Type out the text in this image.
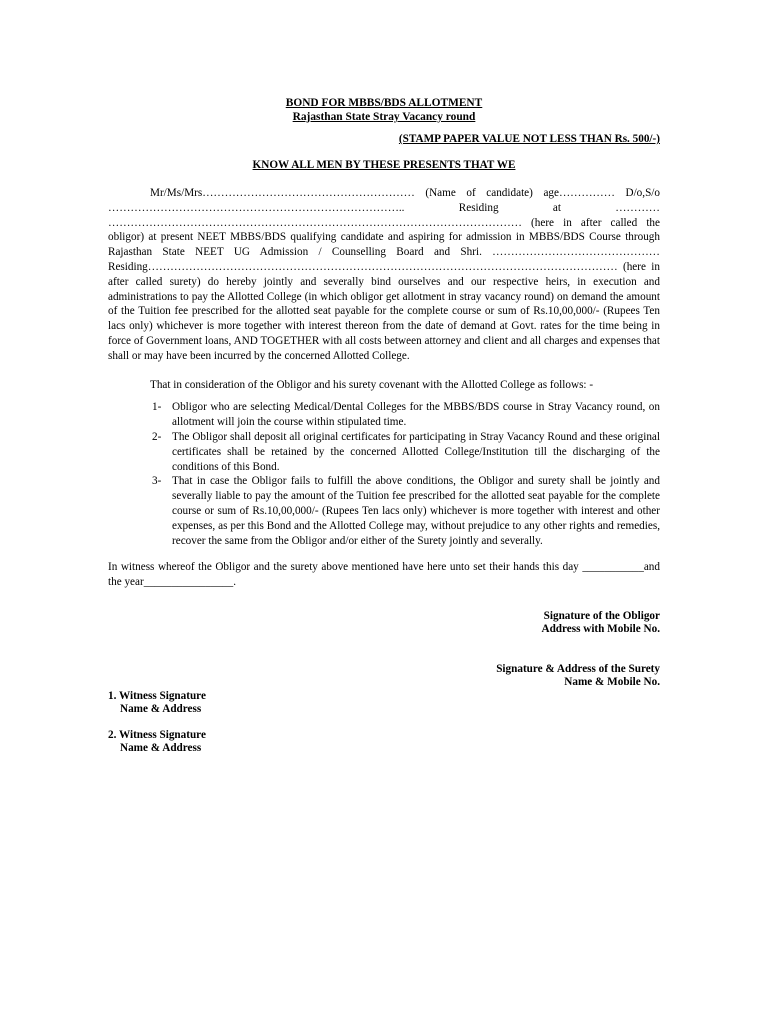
BOND FOR MBBS/BDS ALLOTMENT
Rajasthan State Stray Vacancy round
(STAMP PAPER VALUE NOT LESS THAN Rs. 500/-)
KNOW ALL MEN BY THESE PRESENTS THAT WE
Mr/Ms/Mrs………………………………………………… (Name of candidate) age…………… D/o,S/o …………………………………………………………………….. Residing at ………… ………………………………………………………………………………………………… (here in after called the obligor) at present NEET MBBS/BDS qualifying candidate and aspiring for admission in MBBS/BDS Course through Rajasthan State NEET UG Admission / Counselling Board and Shri. ……………………………………… Residing……………………………………………………………………………………………………………… (here in after called surety) do hereby jointly and severally bind ourselves and our respective heirs, in execution and administrations to pay the Allotted College (in which obligor get allotment in stray vacancy round) on demand the amount of the Tuition fee prescribed for the allotted seat payable for the complete course or sum of Rs.10,00,000/- (Rupees Ten lacs only) whichever is more together with interest thereon from the date of demand at Govt. rates for the time being in force of Government loans, AND TOGETHER with all costs between attorney and client and all charges and expenses that shall or may have been incurred by the concerned Allotted College.
That in consideration of the Obligor and his surety covenant with the Allotted College as follows: -
1- Obligor who are selecting Medical/Dental Colleges for the MBBS/BDS course in Stray Vacancy round, on allotment will join the course within stipulated time.
2- The Obligor shall deposit all original certificates for participating in Stray Vacancy Round and these original certificates shall be retained by the concerned Allotted College/Institution till the discharging of the conditions of this Bond.
3- That in case the Obligor fails to fulfill the above conditions, the Obligor and surety shall be jointly and severally liable to pay the amount of the Tuition fee prescribed for the allotted seat payable for the complete course or sum of Rs.10,00,000/- (Rupees Ten lacs only) whichever is more together with interest and other expenses, as per this Bond and the Allotted College may, without prejudice to any other rights and remedies, recover the same from the Obligor and/or either of the Surety jointly and severally.
In witness whereof the Obligor and the surety above mentioned have here unto set their hands this day ___________and the year________________.
Signature of the Obligor
Address with Mobile No.
Signature & Address of the Surety
Name & Mobile No.
1. Witness Signature
Name & Address
2. Witness Signature
Name & Address
